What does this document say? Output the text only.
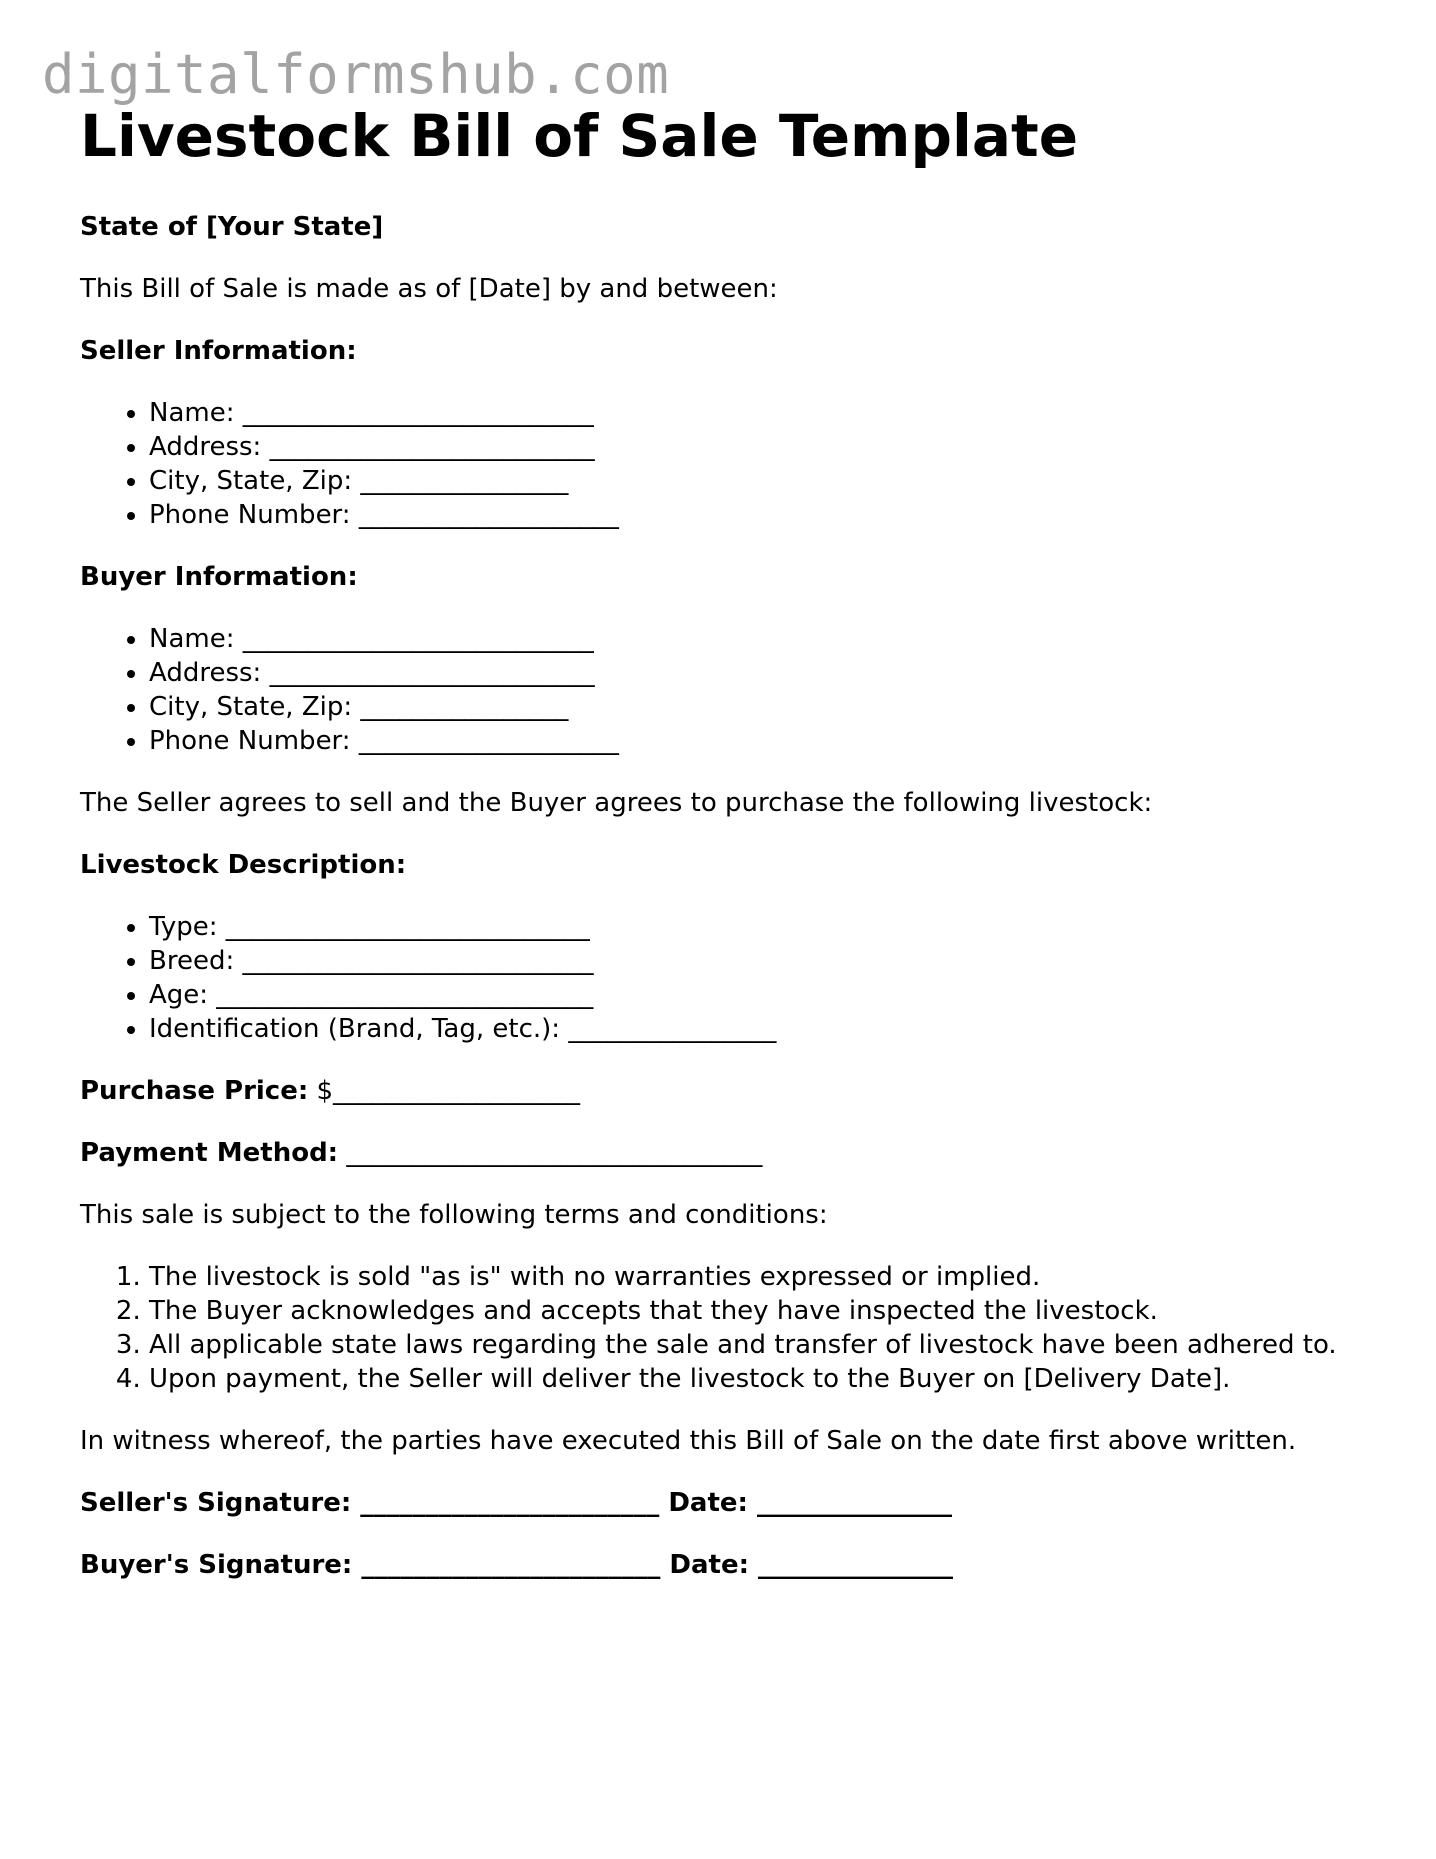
digitalformshub.com
Livestock Bill of Sale Template

State of [Your State]

This Bill of Sale is made as of [Date] by and between:

Seller Information:

• Name: ___________________________
• Address: _________________________
• City, State, Zip: ________________
• Phone Number: ____________________

Buyer Information:

• Name: ___________________________
• Address: _________________________
• City, State, Zip: ________________
• Phone Number: ____________________

The Seller agrees to sell and the Buyer agrees to purchase the following livestock:

Livestock Description:

• Type: ____________________________
• Breed: ___________________________
• Age: _____________________________
• Identification (Brand, Tag, etc.): ________________

Purchase Price: $___________________

Payment Method: ________________________________

This sale is subject to the following terms and conditions:

1. The livestock is sold "as is" with no warranties expressed or implied.
2. The Buyer acknowledges and accepts that they have inspected the livestock.
3. All applicable state laws regarding the sale and transfer of livestock have been adhered to.
4. Upon payment, the Seller will deliver the livestock to the Buyer on [Delivery Date].

In witness whereof, the parties have executed this Bill of Sale on the date first above written.

Seller's Signature: _______________________ Date: _______________

Buyer's Signature: _______________________ Date: _______________
